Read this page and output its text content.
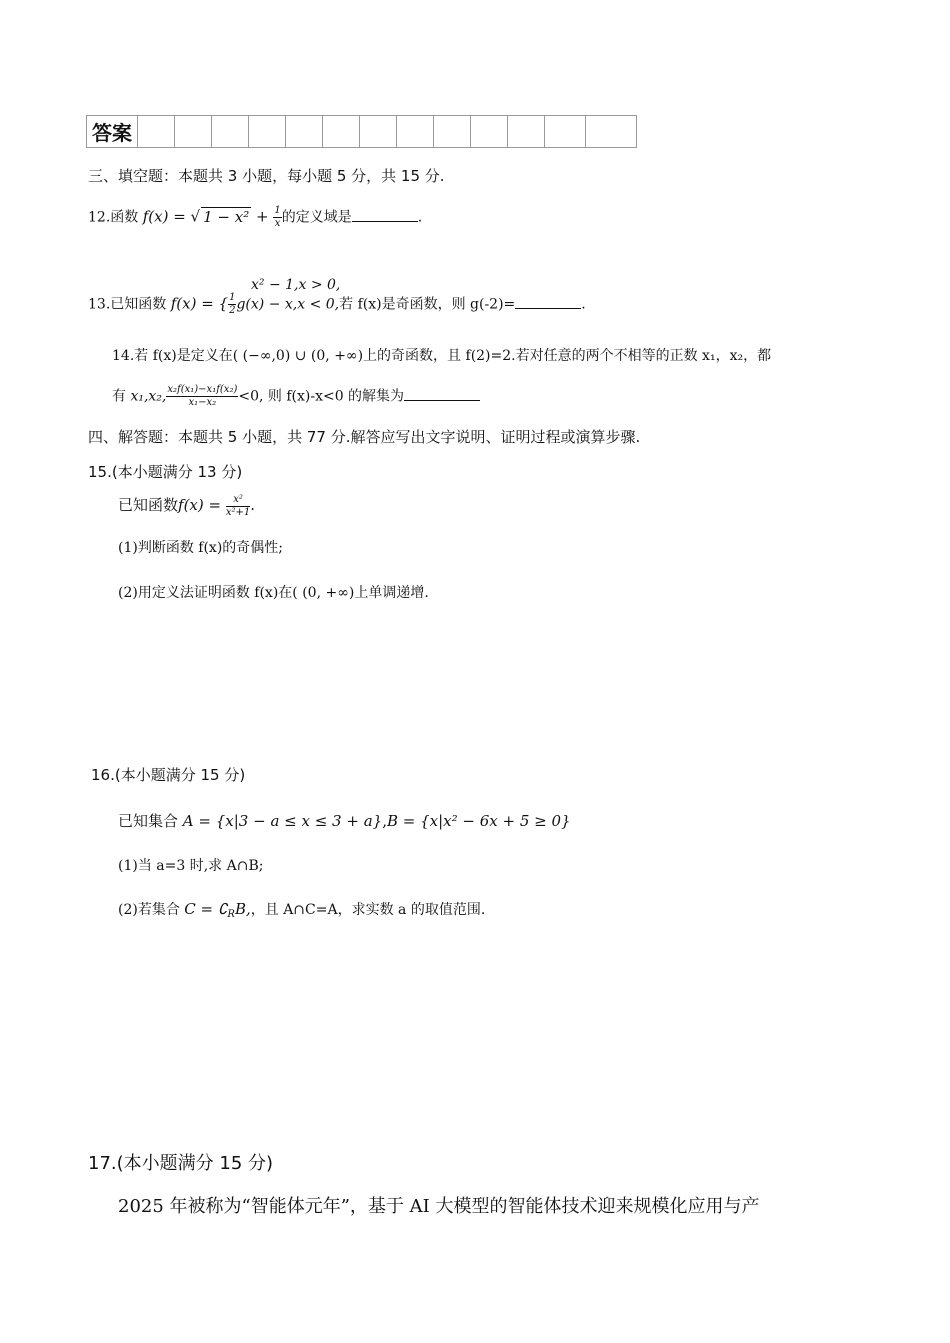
答案													
三、填空题：本题共 3 小题，每小题 5 分，共 15 分.
12.函数 f(x) = √ $1 - x^2 + \frac{1}{x}$ 的定义域是	.
x² − 1,x > 0,
13.已知函数 f(x) = { $\frac{1}{2} g(x) - x,x < 0$,若 f(x)是奇函数，则 g(-2)=	.
14.若 f(x)是定义在( (−∞,0) ∪ (0, +∞)上的奇函数，且 f(2)=2.若对任意的两个不相等的正数 x₁，x₂，都
有 x₁,x₂, $\frac{\text{x₂f(x₁)−x₁f(x₂)}}{\text{x₁−x₂}} <0$, 则 f(x)-x<0 的解集为
四、解答题：本题共 5 小题，共 77 分.解答应写出文字说明、证明过程或演算步骤.
15.(本小题满分 13 分)
已知函数$f(x) = \frac{\text{x²}}{\text{x²+1}}$ .
(1)判断函数 f(x)的奇偶性;
(2)用定义法证明函数 f(x)在( (0, +∞)上单调递增.
16.(本小题满分 15 分)
已知集合 A = {x|3 − a ≤ x ≤ 3 + a},B = {x|x² − 6x + 5 ≥ 0}
(1)当 a=3 时,求 A∩B;
(2)若集合 $C = ∁_RB$,，且 A∩C=A，求实数 a 的取值范围.
17.(本小题满分 15 分)
2025 年被称为“智能体元年”，基于 AI 大模型的智能体技术迎来规模化应用与产
